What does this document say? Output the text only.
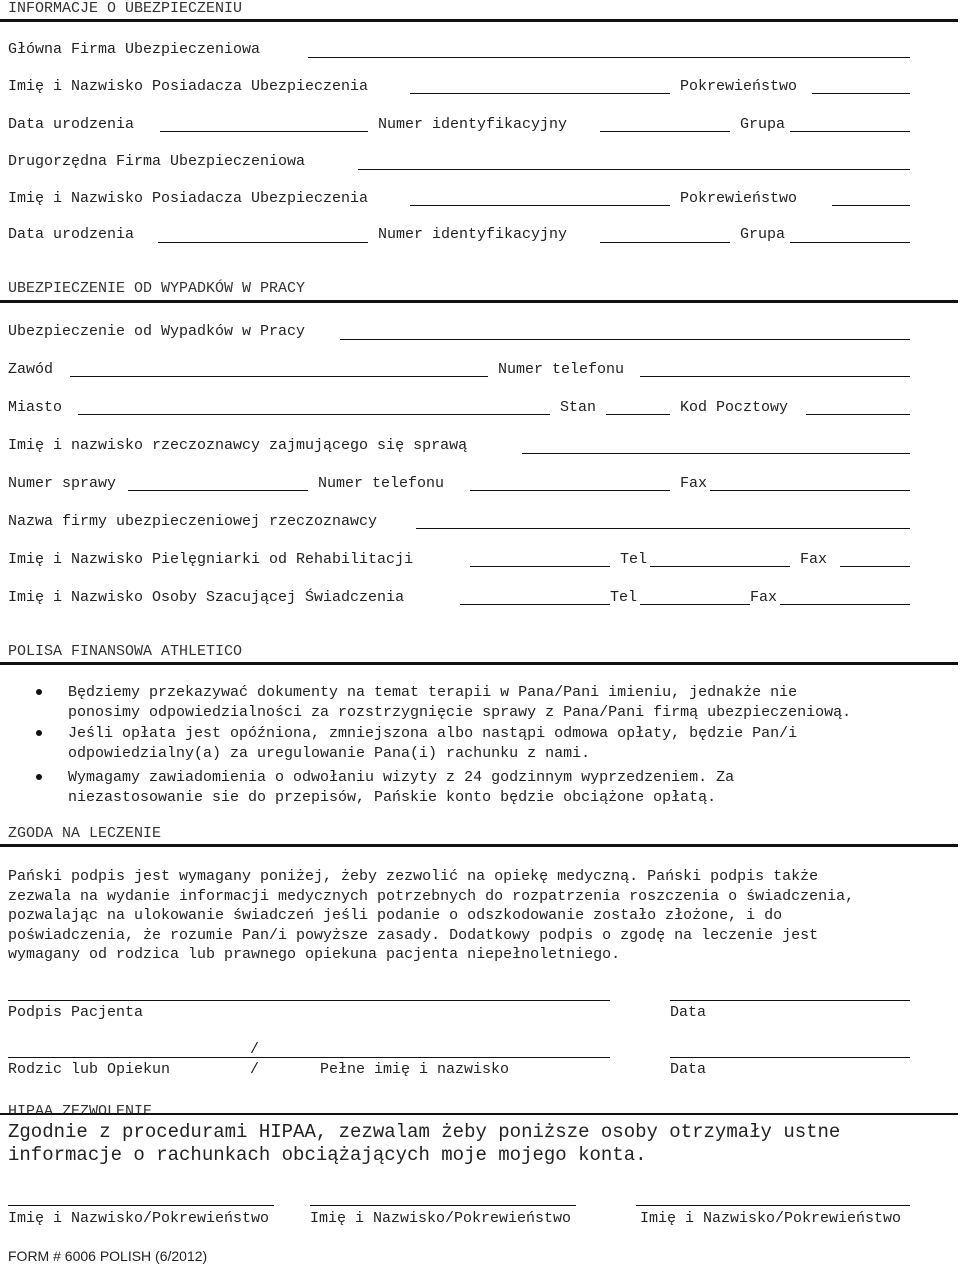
INFORMACJE O UBEZPIECZENIU
Główna Firma Ubezpieczeniowa
Imię i Nazwisko Posiadacza Ubezpieczenia	Pokrewieństwo
Data urodzenia	Numer identyfikacyjny	Grupa
Drugorzędna Firma Ubezpieczeniowa
Imię i Nazwisko Posiadacza Ubezpieczenia	Pokrewieństwo
Data urodzenia	Numer identyfikacyjny	Grupa
UBEZPIECZENIE OD WYPADKÓW W PRACY
Ubezpieczenie od Wypadków w Pracy
Zawód	Numer telefonu
Miasto	Stan	Kod Pocztowy
Imię i nazwisko rzeczoznawcy zajmującego się sprawą
Numer sprawy	Numer telefonu	Fax
Nazwa firmy ubezpieczeniowej rzeczoznawcy
Imię i Nazwisko Pielęgniarki od Rehabilitacji	Tel	Fax
Imię i Nazwisko Osoby Szacującej Świadczenia	Tel	Fax
POLISA FINANSOWA ATHLETICO
Będziemy przekazywać dokumenty na temat terapii w Pana/Pani imieniu, jednakże nie
ponosimy odpowiedzialności za rozstrzygnięcie sprawy z Pana/Pani firmą ubezpieczeniową.
Jeśli opłata jest opóźniona, zmniejszona albo nastąpi odmowa opłaty, będzie Pan/i
odpowiedzialny(a) za uregulowanie Pana(i) rachunku z nami.
Wymagamy zawiadomienia o odwołaniu wizyty z 24 godzinnym wyprzedzeniem. Za
niezastosowanie sie do przepisów, Pańskie konto będzie obciążone opłatą.
ZGODA NA LECZENIE
Pański podpis jest wymagany poniżej, żeby zezwolić na opiekę medyczną. Pański podpis także
zezwala na wydanie informacji medycznych potrzebnych do rozpatrzenia roszczenia o świadczenia,
pozwalając na ulokowanie świadczeń jeśli podanie o odszkodowanie zostało złożone, i do
poświadczenia, że rozumie Pan/i powyższe zasady. Dodatkowy podpis o zgodę na leczenie jest
wymagany od rodzica lub prawnego opiekuna pacjenta niepełnoletniego.
Podpis Pacjenta	Data
/
Rodzic lub Opiekun	/	Pełne imię i nazwisko	Data
HIPAA ZEZWOLENIE
Zgodnie z procedurami HIPAA, zezwalam żeby poniższe osoby otrzymały ustne
informacje o rachunkach obciążających moje mojego konta.
Imię i Nazwisko/Pokrewieństwo	Imię i Nazwisko/Pokrewieństwo	Imię i Nazwisko/Pokrewieństwo
FORM # 6006 POLISH (6/2012)
